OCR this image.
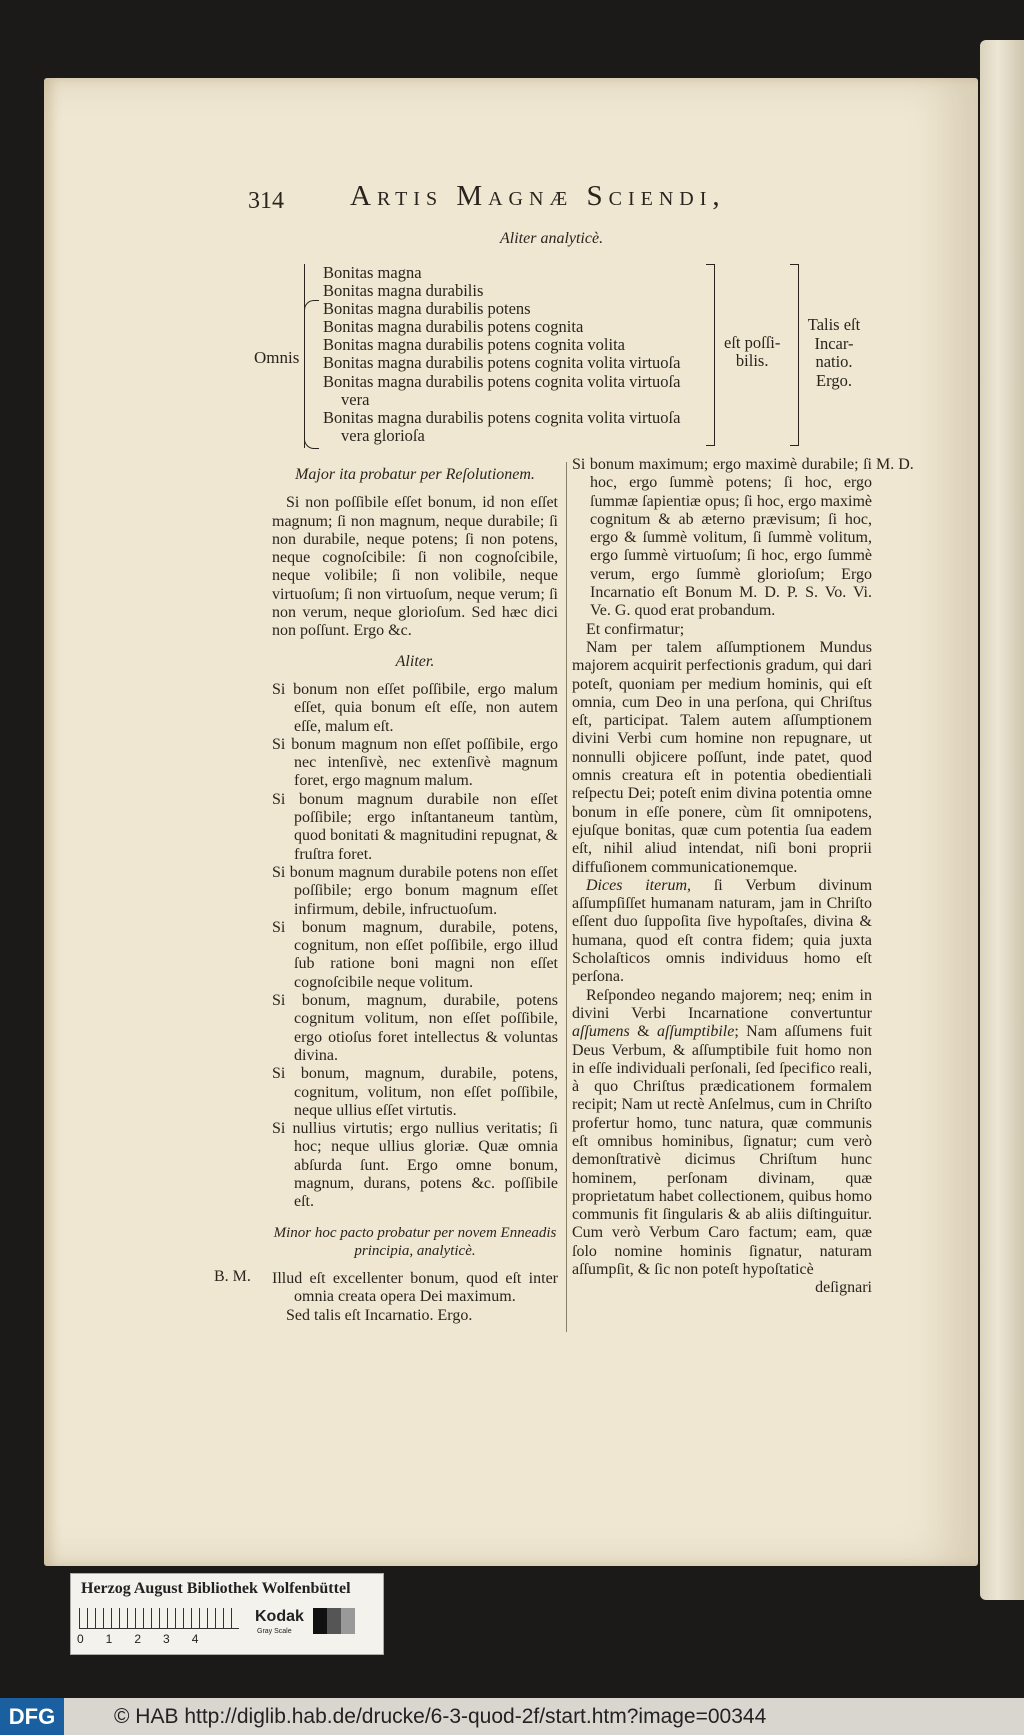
314 Artis Magnæ Sciendi,
Aliter analyticè.
Omnis
Bonitas magna
Bonitas magna durabilis
Bonitas magna durabilis potens
Bonitas magna durabilis potens cognita
Bonitas magna durabilis potens cognita volita
Bonitas magna durabilis potens cognita volita virtuoſa
Bonitas magna durabilis potens cognita volita virtuoſa
vera
Bonitas magna durabilis potens cognita volita virtuoſa
vera glorioſa
eſt poſſi-
bilis.
Talis eſt
Incar-
natio.
Ergo.

Major ita probatur per Reſolutionem.

Si non poſſibile eſſet bonum, id non eſſet magnum; ſi non magnum, neque durabile; ſi non durabile, neque potens; ſi non potens, neque cognoſcibile: ſi non cognoſcibile, neque volibile; ſi non volibile, neque virtuoſum; ſi non virtuoſum, neque verum; ſi non verum, neque glorioſum. Sed hæc dici non poſſunt. Ergo &c.

Aliter.

Si bonum non eſſet poſſibile, ergo malum eſſet, quia bonum eſt eſſe, non autem eſſe, malum eſt.

Si bonum magnum non eſſet poſſibile, ergo nec intenſivè, nec extenſivè magnum foret, ergo magnum malum.

Si bonum magnum durabile non eſſet poſſibile; ergo inſtantaneum tantùm, quod bonitati & magnitudini repugnat, & fruſtra foret.

Si bonum magnum durabile potens non eſſet poſſibile; ergo bonum magnum eſſet infirmum, debile, infructuoſum.

Si bonum magnum, durabile, potens, cognitum, non eſſet poſſibile, ergo illud ſub ratione boni magni non eſſet cognoſcibile neque volitum.

Si bonum, magnum, durabile, potens cognitum volitum, non eſſet poſſibile, ergo otioſus foret intellectus & voluntas divina.

Si bonum, magnum, durabile, potens, cognitum, volitum, non eſſet poſſibile, neque ullius eſſet virtutis.

Si nullius virtutis; ergo nullius veritatis; ſi hoc; neque ullius gloriæ. Quæ omnia abſurda ſunt. Ergo omne bonum, magnum, durans, potens &c. poſſibile eſt.

Minor hoc pacto probatur per novem Enneadis principia, analyticè.

Illud eſt excellenter bonum, quod eſt inter omnia creata opera Dei maximum.

Sed talis eſt Incarnatio. Ergo.

B. M.

Si bonum maximum; ergo maximè durabile; ſi hoc, ergo ſummè potens; ſi hoc, ergo ſummæ ſapientiæ opus; ſi hoc, ergo maximè cognitum & ab æterno prævisum; ſi hoc, ergo & ſummè volitum, ſi ſummè volitum, ergo ſummè virtuoſum; ſi hoc, ergo ſummè verum, ergo ſummè glorioſum; Ergo Incarnatio eſt Bonum M. D. P. S. Vo. Vi. Ve. G. quod erat probandum.

Et confirmatur;

Nam per talem aſſumptionem Mundus majorem acquirit perfectionis gradum, qui dari poteſt, quoniam per medium hominis, qui eſt omnia, cum Deo in una perſona, qui Chriſtus eſt, participat. Talem autem aſſumptionem divini Verbi cum homine non repugnare, ut nonnulli objicere poſſunt, inde patet, quod omnis creatura eſt in potentia obedientiali reſpectu Dei; poteſt enim divina potentia omne bonum in eſſe ponere, cùm ſit omnipotens, ejuſque bonitas, quæ cum potentia ſua eadem eſt, nihil aliud intendat, niſi boni proprii diffuſionem communicationemque.

Dices iterum, ſi Verbum divinum aſſumpſiſſet humanam naturam, jam in Chriſto eſſent duo ſuppoſita ſive hypoſtaſes, divina & humana, quod eſt contra fidem; quia juxta Scholaſticos omnis individuus homo eſt perſona.

Reſpondeo negando majorem; neq; enim in divini Verbi Incarnatione convertuntur aſſumens & aſſumptibile; Nam aſſumens fuit Deus Verbum, & aſſumptibile fuit homo non in eſſe individuali perſonali, ſed ſpecifico reali, à quo Chriſtus prædicationem formalem recipit; Nam ut rectè Anſelmus, cum in Chriſto profertur homo, tunc natura, quæ communis eſt omnibus hominibus, ſignatur; cum verò demonſtrativè dicimus Chriſtum hunc hominem, perſonam divinam, quæ proprietatum habet collectionem, quibus homo communis fit ſingularis & ab aliis diſtinguitur. Cum verò Verbum Caro factum; eam, quæ ſolo nomine hominis ſignatur, naturam aſſumpſit, & ſic non poteſt hypoſtaticè

deſignari

M. D.
Herzog August Bibliothek Wolfenbüttel
01234
Kodak
Gray Scale
DFG	© HAB http://diglib.hab.de/drucke/6-3-quod-2f/start.htm?image=00344
